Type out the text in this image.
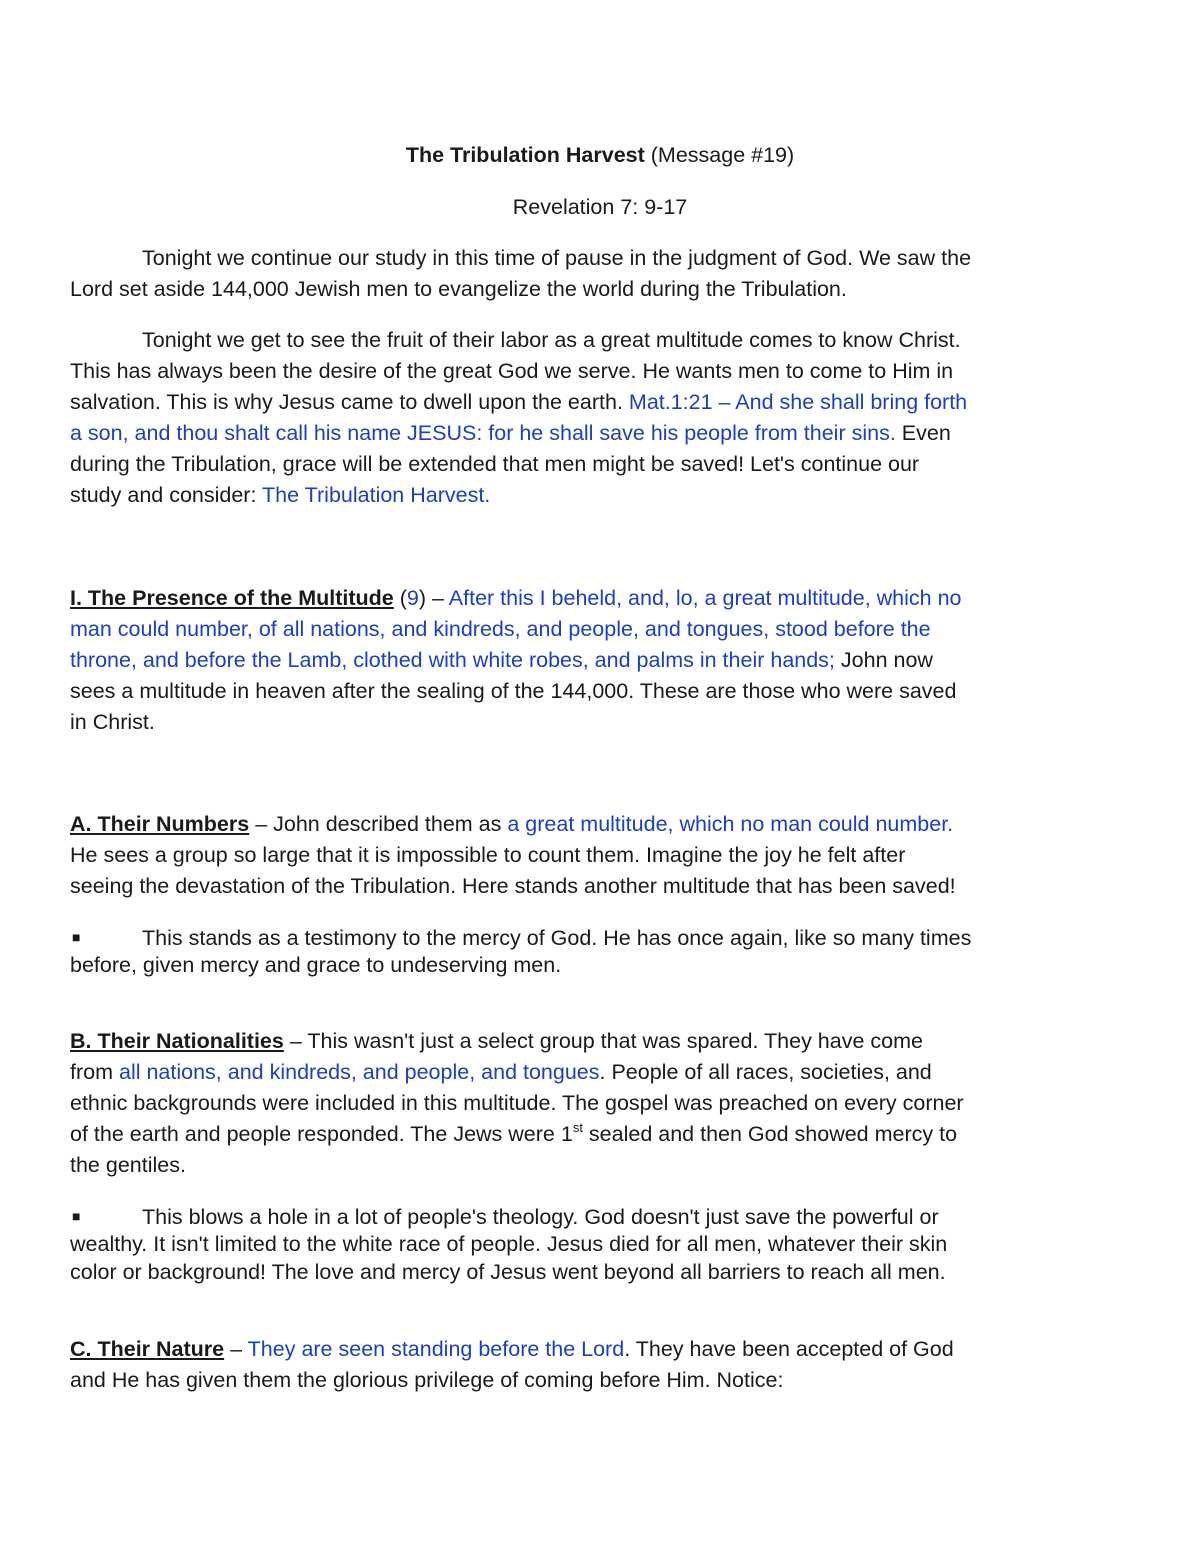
The Tribulation Harvest (Message #19)
Revelation 7: 9-17
Tonight we continue our study in this time of pause in the judgment of God. We saw the
Lord set aside 144,000 Jewish men to evangelize the world during the Tribulation.
Tonight we get to see the fruit of their labor as a great multitude comes to know Christ.
This has always been the desire of the great God we serve. He wants men to come to Him in
salvation. This is why Jesus came to dwell upon the earth. Mat.1:21 – And she shall bring forth
a son, and thou shalt call his name JESUS: for he shall save his people from their sins. Even
during the Tribulation, grace will be extended that men might be saved! Let's continue our
study and consider: The Tribulation Harvest.
I. The Presence of the Multitude (9) – After this I beheld, and, lo, a great multitude, which no
man could number, of all nations, and kindreds, and people, and tongues, stood before the
throne, and before the Lamb, clothed with white robes, and palms in their hands; John now
sees a multitude in heaven after the sealing of the 144,000. These are those who were saved
in Christ.
A. Their Numbers – John described them as a great multitude, which no man could number.
He sees a group so large that it is impossible to count them. Imagine the joy he felt after
seeing the devastation of the Tribulation. Here stands another multitude that has been saved!
■	This stands as a testimony to the mercy of God. He has once again, like so many times
before, given mercy and grace to undeserving men.
B. Their Nationalities – This wasn't just a select group that was spared. They have come
from all nations, and kindreds, and people, and tongues. People of all races, societies, and
ethnic backgrounds were included in this multitude. The gospel was preached on every corner
of the earth and people responded. The Jews were 1st sealed and then God showed mercy to
the gentiles.
■	This blows a hole in a lot of people's theology. God doesn't just save the powerful or
wealthy. It isn't limited to the white race of people. Jesus died for all men, whatever their skin
color or background! The love and mercy of Jesus went beyond all barriers to reach all men.
C. Their Nature – They are seen standing before the Lord. They have been accepted of God
and He has given them the glorious privilege of coming before Him. Notice:
